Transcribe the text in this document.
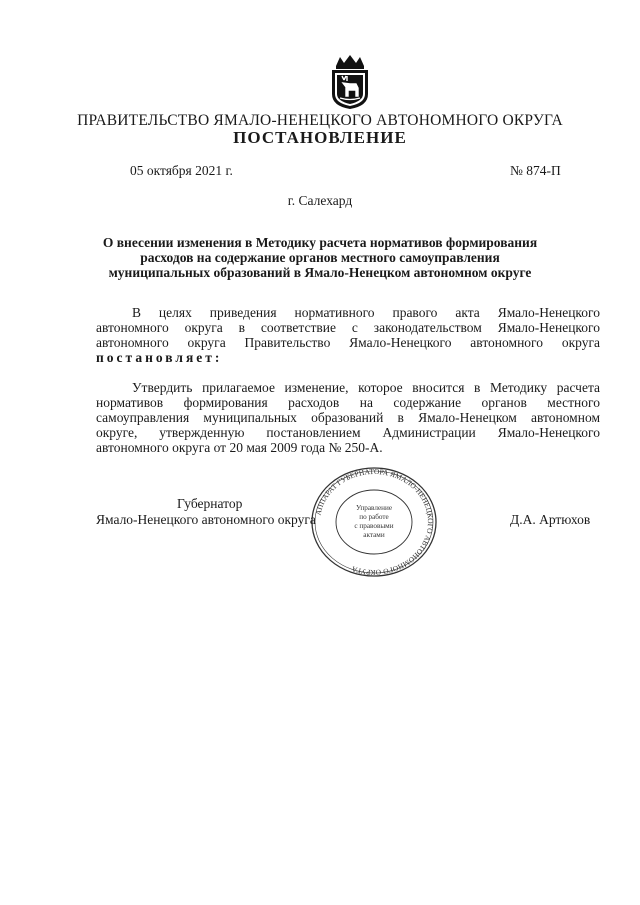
ПРАВИТЕЛЬСТВО ЯМАЛО-НЕНЕЦКОГО АВТОНОМНОГО ОКРУГА
ПОСТАНОВЛЕНИЕ
05 октября 2021 г.	№ 874-П
г. Салехард
О внесении изменения в Методику расчета нормативов формирования
расходов на содержание органов местного самоуправления
муниципальных образований в Ямало-Ненецком автономном округе
В целях приведения нормативного правого акта Ямало-Ненецкого
автономного округа в соответствие с законодательством Ямало-Ненецкого
автономного округа Правительство Ямало-Ненецкого автономного округа
постановляет:
Утвердить прилагаемое изменение, которое вносится в Методику расчета
нормативов формирования расходов на содержание органов местного
самоуправления муниципальных образований в Ямало-Ненецком автономном
округе, утвержденную постановлением Администрации Ямало-Ненецкого
автономного округа от 20 мая 2009 года № 250-А.
Губернатор
Ямало-Ненецкого автономного округа	Д.А. Артюхов
АППАРАТ ГУБЕРНАТОРА ЯМАЛО-НЕНЕЦКОГО АВТОНОМНОГО ОКРУГА
Управление
по работе
с правовыми
актами
